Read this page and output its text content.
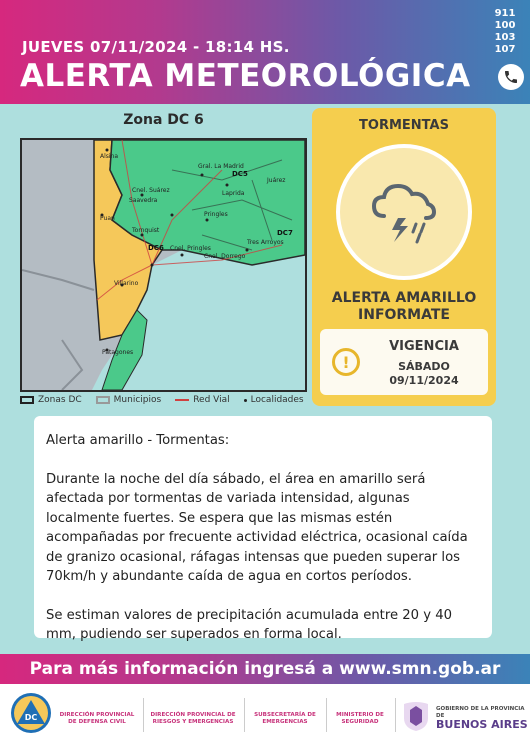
JUEVES 07/11/2024 - 18:14 HS.
ALERTA METEOROLÓGICA
911
100
103
107
Zona DC 6
Alsina
Cnel. Suárez
Gral. La Madrid
Laprida
Saavedra
Pringles
Juárez
Puan
Tornquist
Cnel. Pringles
Cnel. Dorrego
Tres Arroyos
Villarino
Patagones
DC5
DC6
DC7
Zonas DC	Municipios	Red Vial Localidades
TORMENTAS
ALERTA AMARILLO
INFORMATE
!
VIGENCIA
SÁBADO
09/11/2024

Alerta amarillo - Tormentas:

Durante la noche del día sábado, el área en amarillo será afectada por tormentas de variada intensidad, algunas localmente fuertes. Se espera que las mismas estén acompañadas por frecuente actividad eléctrica, ocasional caída de granizo ocasional, ráfagas intensas que pueden superar los 70km/h y abundante caída de agua en cortos períodos.

Se estiman valores de precipitación acumulada entre 20 y 40 mm, pudiendo ser superados en forma local.

Para más información ingresá a www.smn.gob.ar
DC	DIRECCIÓN PROVINCIAL DE DEFENSA CIVIL
DIRECCIÓN PROVINCIAL DE RIESGOS Y EMERGENCIAS
SUBSECRETARÍA DE EMERGENCIAS
MINISTERIO DE SEGURIDAD
GOBIERNO DE LA PROVINCIA DE
BUENOS AIRES
